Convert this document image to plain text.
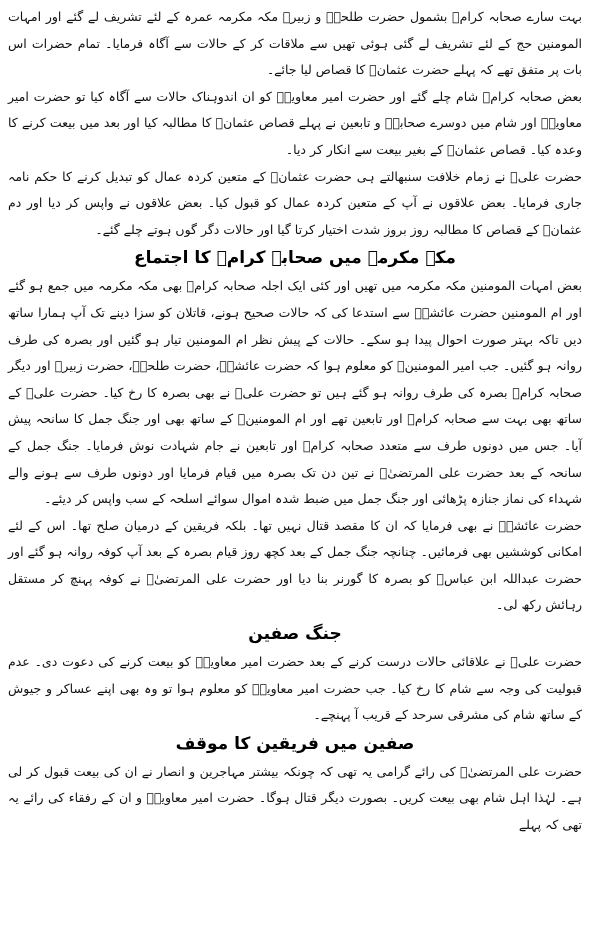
بہت سارے صحابہ کرامؓ بشمول حضرت طلحہؓ و زبیرؓ مکہ مکرمہ عمرہ کے لئے تشریف لے گئے اور امہات المومنین حج کے لئے تشریف لے گئی ہوئی تھیں سے ملاقات کر کے حالات سے آگاہ فرمایا۔ تمام حضرات اس بات پر متفق تھے کہ پہلے حضرت عثمانؓ کا قصاص لیا جائے۔

بعض صحابہ کرامؓ شام چلے گئے اور حضرت امیر معاویہؓ کو ان اندوہناک حالات سے آگاہ کیا تو حضرت امیر معاویہؓ اور شام میں دوسرے صحابہؓ و تابعین نے پہلے قصاص عثمانؓ کا مطالبہ کیا اور بعد میں بیعت کرنے کا وعدہ کیا۔ قصاص عثمانؓ کے بغیر بیعت سے انکار کر دیا۔

حضرت علیؓ نے زمام خلافت سنبھالتے ہی حضرت عثمانؓ کے متعین کردہ عمال کو تبدیل کرنے کا حکم نامہ جاری فرمایا۔ بعض علاقوں نے آپ کے متعین کردہ عمال کو قبول کیا۔ بعض علاقوں نے واپس کر دیا اور دم عثمانؓ کے قصاص کا مطالبہ روز بروز شدت اختیار کرتا گیا اور حالات دگر گوں ہوتے چلے گئے۔

مکہ مکرمہ میں صحابہ کرامؓ کا اجتماع

بعض امہات المومنین مکہ مکرمہ میں تھیں اور کئی ایک اجلہ صحابہ کرامؓ بھی مکہ مکرمہ میں جمع ہو گئے اور ام المومنین حضرت عائشہؓ سے استدعا کی کہ حالات صحیح ہونے، قاتلان کو سزا دینے تک آپ ہمارا ساتھ دیں تاکہ بہتر صورت احوال پیدا ہو سکے۔ حالات کے پیش نظر ام المومنین تیار ہو گئیں اور بصرہ کی طرف روانہ ہو گئیں۔ جب امیر المومنینؓ کو معلوم ہوا کہ حضرت عائشہؓ، حضرت طلحہؓ، حضرت زبیرؓ اور دیگر صحابہ کرامؓ بصرہ کی طرف روانہ ہو گئے ہیں تو حضرت علیؓ نے بھی بصرہ کا رخ کیا۔ حضرت علیؓ کے ساتھ بھی بہت سے صحابہ کرامؓ اور تابعین تھے اور ام المومنینؓ کے ساتھ بھی اور جنگ جمل کا سانحہ پیش آیا۔ جس میں دونوں طرف سے متعدد صحابہ کرامؓ اور تابعین نے جام شہادت نوش فرمایا۔ جنگ جمل کے سانحہ کے بعد حضرت علی المرتضیٰؓ نے تین دن تک بصرہ میں قیام فرمایا اور دونوں طرف سے ہونے والے شہداء کی نماز جنازہ پڑھائی اور جنگ جمل میں ضبط شدہ اموال سوائے اسلحہ کے سب واپس کر دیئے۔

حضرت عائشہؓ نے بھی فرمایا کہ ان کا مقصد قتال نہیں تھا۔ بلکہ فریقین کے درمیان صلح تھا۔ اس کے لئے امکانی کوششیں بھی فرمائیں۔ چنانچہ جنگ جمل کے بعد کچھ روز قیام بصرہ کے بعد آپ کوفہ روانہ ہو گئے اور حضرت عبداللہ ابن عباسؓ کو بصرہ کا گورنر بنا دیا اور حضرت علی المرتضیٰؓ نے کوفہ پہنچ کر مستقل رہائش رکھ لی۔

جنگ صفین

حضرت علیؓ نے علاقائی حالات درست کرنے کے بعد حضرت امیر معاویہؓ کو بیعت کرنے کی دعوت دی۔ عدم قبولیت کی وجہ سے شام کا رخ کیا۔ جب حضرت امیر معاویہؓ کو معلوم ہوا تو وہ بھی اپنے عساکر و جیوش کے ساتھ شام کی مشرقی سرحد کے قریب آ پہنچے۔

صفین میں فریقین کا موقف

حضرت علی المرتضیٰؓ کی رائے گرامی یہ تھی کہ چونکہ بیشتر مہاجرین و انصار نے ان کی بیعت قبول کر لی ہے۔ لہٰذا اہل شام بھی بیعت کریں۔ بصورت دیگر قتال ہوگا۔ حضرت امیر معاویہؓ و ان کے رفقاء کی رائے یہ تھی کہ پہلے
